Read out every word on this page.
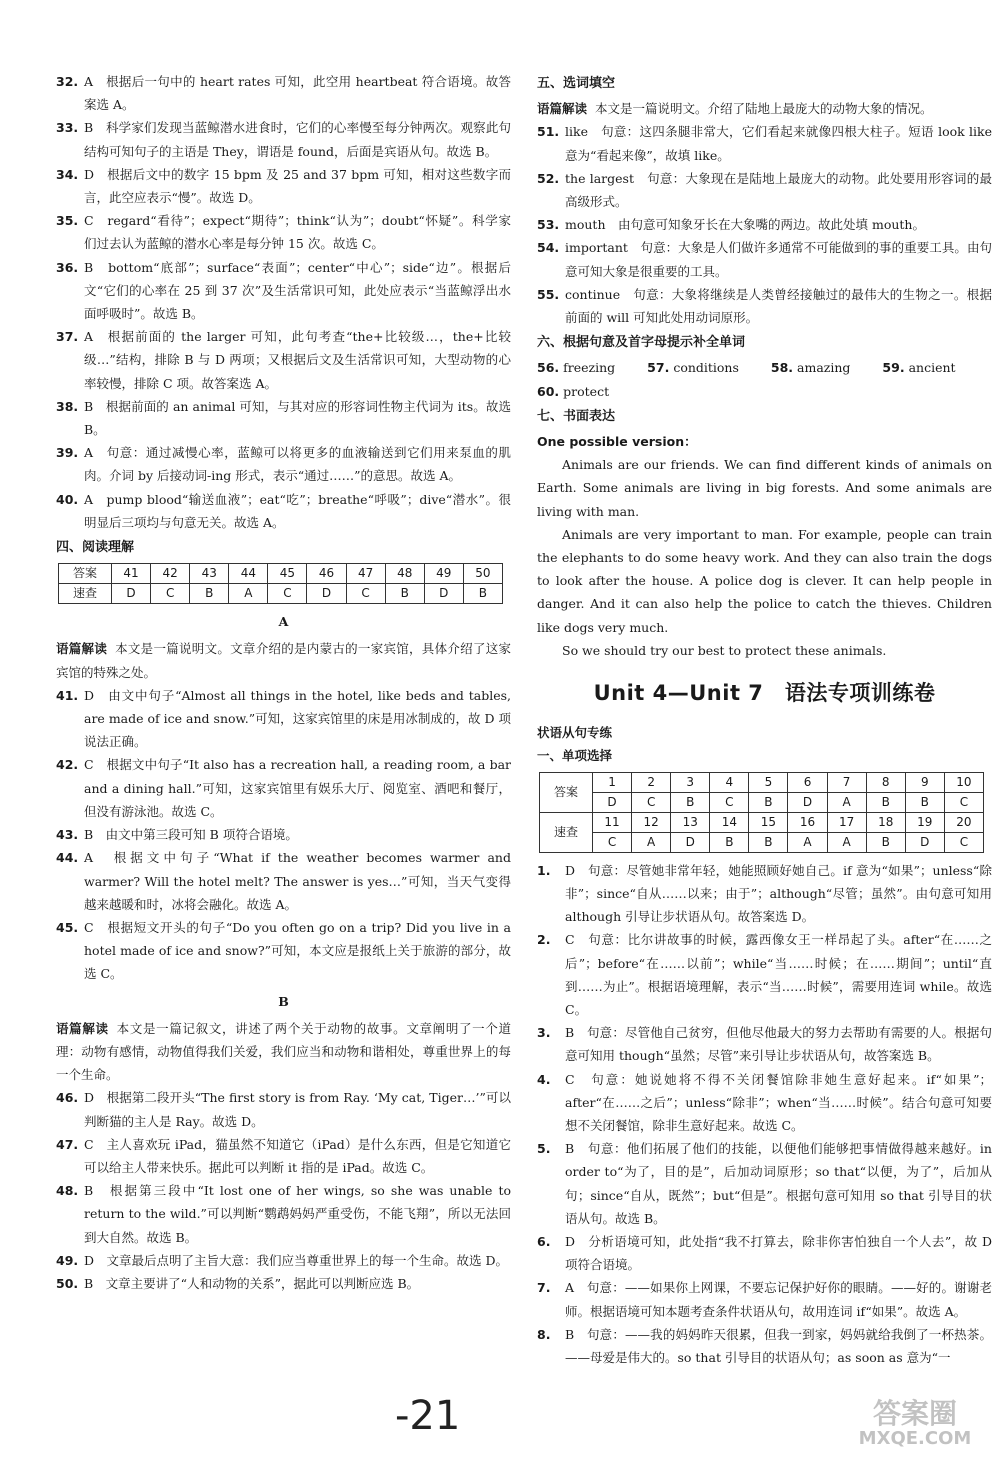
32. A　根据后一句中的 heart rates 可知，此空用 heartbeat 符合语境。故答案选 A。

33. B　科学家们发现当蓝鲸潜水进食时，它们的心率慢至每分钟两次。观察此句结构可知句子的主语是 They，谓语是 found，后面是宾语从句。故选 B。

34. D　根据后文中的数字 15 bpm 及 25 and 37 bpm 可知，相对这些数字而言，此空应表示“慢”。故选 D。

35. C　regard“看待”；expect“期待”；think“认为”；doubt“怀疑”。科学家们过去认为蓝鲸的潜水心率是每分钟 15 次。故选 C。

36. B　bottom“底部”；surface“表面”；center“中心”；side“边”。根据后文“它们的心率在 25 到 37 次”及生活常识可知，此处应表示“当蓝鲸浮出水面呼吸时”。故选 B。

37. A　根据前面的 the larger 可知，此句考查“the+比较级…，the+比较级…”结构，排除 B 与 D 两项；又根据后文及生活常识可知，大型动物的心率较慢，排除 C 项。故答案选 A。

38. B　根据前面的 an animal 可知，与其对应的形容词性物主代词为 its。故选 B。

39. A　句意：通过减慢心率，蓝鲸可以将更多的血液输送到它们用来泵血的肌肉。介词 by 后接动词-ing 形式，表示“通过……”的意思。故选 A。

40. A　pump blood“输送血液”；eat“吃”；breathe“呼吸”；dive“潜水”。很明显后三项均与句意无关。故选 A。

四、阅读理解

答案	41	42	43	44	45	46	47	48	49	50
速查	D	C	B	A	C	D	C	B	D	B

A

语篇解读 本文是一篇说明文。文章介绍的是内蒙古的一家宾馆，具体介绍了这家宾馆的特殊之处。

41. D　由文中句子“Almost all things in the hotel, like beds and tables, are made of ice and snow.”可知，这家宾馆里的床是用冰制成的，故 D 项说法正确。

42. C　根据文中句子“It also has a recreation hall, a reading room, a bar and a dining hall.”可知，这家宾馆里有娱乐大厅、阅览室、酒吧和餐厅，但没有游泳池。故选 C。

43. B　由文中第三段可知 B 项符合语境。

44. A　根据文中句子“What if the weather becomes warmer and warmer? Will the hotel melt? The answer is yes…”可知，当天气变得越来越暖和时，冰将会融化。故选 A。

45. C　根据短文开头的句子“Do you often go on a trip? Did you live in a hotel made of ice and snow?”可知，本文应是报纸上关于旅游的部分，故选 C。

B

语篇解读 本文是一篇记叙文，讲述了两个关于动物的故事。文章阐明了一个道理：动物有感情，动物值得我们关爱，我们应当和动物和谐相处，尊重世界上的每一个生命。

46. D　根据第二段开头“The first story is from Ray. ‘My cat, Tiger…’”可以判断猫的主人是 Ray。故选 D。

47. C　主人喜欢玩 iPad，猫虽然不知道它（iPad）是什么东西，但是它知道它可以给主人带来快乐。据此可以判断 it 指的是 iPad。故选 C。

48. B　根据第三段中“It lost one of her wings, so she was unable to return to the wild.”可以判断“鹦鹉妈妈严重受伤，不能飞翔”，所以无法回到大自然。故选 B。

49. D　文章最后点明了主旨大意：我们应当尊重世界上的每一个生命。故选 D。

50. B　文章主要讲了“人和动物的关系”，据此可以判断应选 B。

五、选词填空

语篇解读 本文是一篇说明文。介绍了陆地上最庞大的动物大象的情况。

51. like　句意：这四条腿非常大，它们看起来就像四根大柱子。短语 look like 意为“看起来像”，故填 like。

52. the largest　句意：大象现在是陆地上最庞大的动物。此处要用形容词的最高级形式。

53. mouth　由句意可知象牙长在大象嘴的两边。故此处填 mouth。

54. important　句意：大象是人们做许多通常不可能做到的事的重要工具。由句意可知大象是很重要的工具。

55. continue　句意：大象将继续是人类曾经接触过的最伟大的生物之一。根据前面的 will 可知此处用动词原形。

六、根据句意及首字母提示补全单词

56. freezing	57. conditions	58. amazing	59. ancient 60. protect

七、书面表达

One possible version：

Animals are our friends. We can find different kinds of animals on Earth. Some animals are living in big forests. And some animals are living with man.

Animals are very important to man. For example, people can train the elephants to do some heavy work. And they can also train the dogs to look after the house. A police dog is clever. It can help people in danger. And it can also help the police to catch the thieves. Children like dogs very much.

So we should try our best to protect these animals.

Unit 4—Unit 7　语法专项训练卷

状语从句专练

一、单项选择

答案	1	2	3	4	5	6	7	8	9	10
	D	C	B	C	B	D	A	B	B	C
速查	11	12	13	14	15	16	17	18	19	20
	C	A	D	B	B	A	A	B	D	C

1. D　句意：尽管她非常年轻，她能照顾好她自己。if 意为“如果”；unless“除非”；since“自从……以来；由于”；although“尽管；虽然”。由句意可知用 although 引导让步状语从句。故答案选 D。

2. C　句意：比尔讲故事的时候，露西像女王一样昂起了头。after“在……之后”；before“在……以前”；while“当……时候；在……期间”；until“直到……为止”。根据语境理解，表示“当……时候”，需要用连词 while。故选 C。

3. B　句意：尽管他自己贫穷，但他尽他最大的努力去帮助有需要的人。根据句意可知用 though“虽然；尽管”来引导让步状语从句，故答案选 B。

4. C　句意：她说她将不得不关闭餐馆除非她生意好起来。if“如果”；after“在……之后”；unless“除非”；when“当……时候”。结合句意可知要想不关闭餐馆，除非生意好起来。故选 C。

5. B　句意：他们拓展了他们的技能，以便他们能够把事情做得越来越好。in order to“为了，目的是”，后加动词原形；so that“以便，为了”，后加从句；since“自从，既然”；but“但是”。根据句意可知用 so that 引导目的状语从句。故选 B。

6. D　分析语境可知，此处指“我不打算去，除非你害怕独自一个人去”，故 D 项符合语境。

7. A　句意：——如果你上网课，不要忘记保护好你的眼睛。——好的。谢谢老师。根据语境可知本题考查条件状语从句，故用连词 if“如果”。故选 A。

8. B　句意：——我的妈妈昨天很累，但我一到家，妈妈就给我倒了一杯热茶。——母爱是伟大的。so that 引导目的状语从句；as soon as 意为“一

-21	答案圈
MXQE.COM
